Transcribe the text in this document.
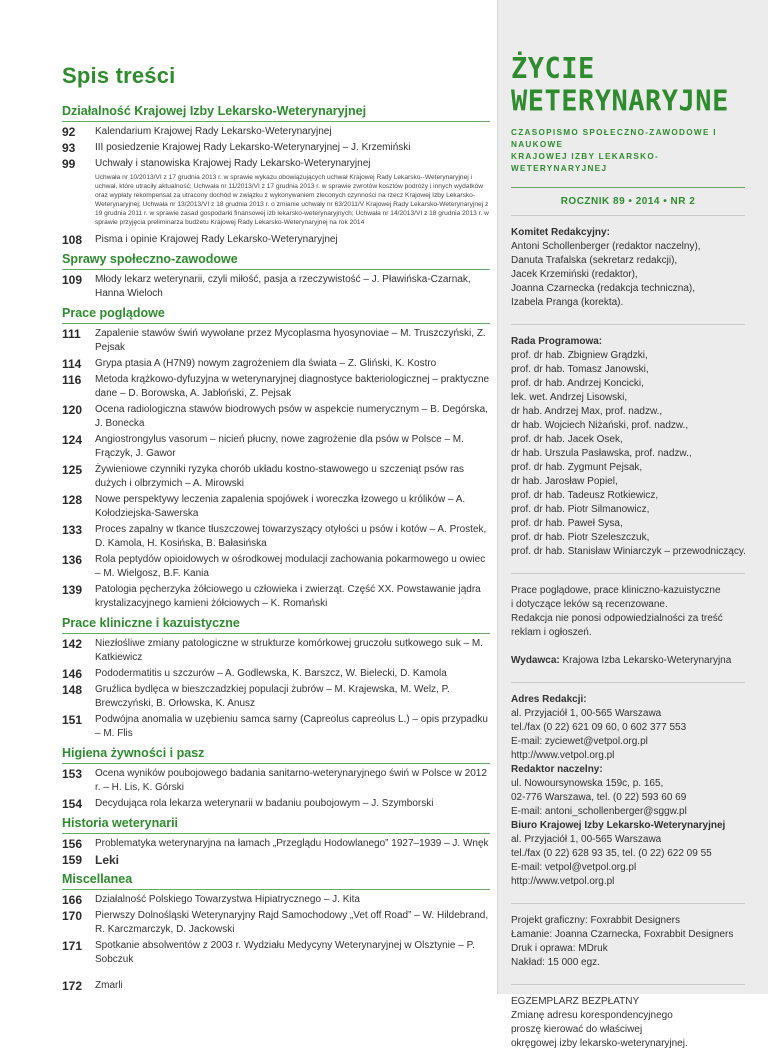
Spis treści
Działalność Krajowej Izby Lekarsko-Weterynaryjnej
92	Kalendarium Krajowej Rady Lekarsko-Weterynaryjnej
93	III posiedzenie Krajowej Rady Lekarsko-Weterynaryjnej – J. Krzemiński
99	Uchwały i stanowiska Krajowej Rady Lekarsko-Weterynaryjnej
Uchwała nr 10/2013/VI z 17 grudnia 2013 r. w sprawie wykazu obowiązujących uchwał Krajowej Rady Lekarsko--Weterynaryjnej i uchwał, które utraciły aktualność; Uchwała nr 11/2013/VI z 17 grudnia 2013 r. w sprawie zwrotów kosztów podróży i innych wydatków oraz wypłaty rekompensat za utracony dochód w związku z wykonywaniem zleconych czynności na rzecz Krajowej Izby Lekarsko-Weterynaryjnej; Uchwała nr 13/2013/VI z 18 grudnia 2013 r. o zmianie uchwały nr 63/2011/V Krajowej Rady Lekarsko-Weterynaryjnej z 19 grudnia 2011 r. w sprawie zasad gospodarki finansowej izb lekarsko-weterynaryjnych; Uchwała nr 14/2013/VI z 18 grudnia 2013 r. w sprawie przyjęcia preliminarza budżetu Krajowej Rady Lekarsko-Weterynaryjnej na rok 2014
108	Pisma i opinie Krajowej Rady Lekarsko-Weterynaryjnej
Sprawy społeczno-zawodowe
109	Młody lekarz weterynarii, czyli miłość, pasja a rzeczywistość – J. Pławińska-Czarnak, Hanna Wieloch
Prace poglądowe
111	Zapalenie stawów świń wywołane przez Mycoplasma hyosynoviae – M. Truszczyński, Z. Pejsak
114	Grypa ptasia A (H7N9) nowym zagrożeniem dla świata – Z. Gliński, K. Kostro
116	Metoda krążkowo-dyfuzyjna w weterynaryjnej diagnostyce bakteriologicznej – praktyczne dane – D. Borowska, A. Jabłoński, Z. Pejsak
120	Ocena radiologiczna stawów biodrowych psów w aspekcie numerycznym – B. Degórska, J. Bonecka
124	Angiostrongylus vasorum – nicień płucny, nowe zagrożenie dla psów w Polsce – M. Frączyk, J. Gawor
125	Żywieniowe czynniki ryzyka chorób układu kostno-stawowego u szczeniąt psów ras dużych i olbrzymich – A. Mirowski
128	Nowe perspektywy leczenia zapalenia spojówek i woreczka łzowego u królików – A. Kołodziejska-Sawerska
133	Proces zapalny w tkance tłuszczowej towarzyszący otyłości u psów i kotów – A. Prostek, D. Kamola, H. Kosińska, B. Bałasińska
136	Rola peptydów opioidowych w ośrodkowej modulacji zachowania pokarmowego u owiec – M. Wielgosz, B.F. Kania
139	Patologia pęcherzyka żółciowego u człowieka i zwierząt. Część XX. Powstawanie jądra krystalizacyjnego kamieni żółciowych – K. Romański
Prace kliniczne i kazuistyczne
142	Niezłośliwe zmiany patologiczne w strukturze komórkowej gruczołu sutkowego suk – M. Katkiewicz
146	Pododermatitis u szczurów – A. Godlewska, K. Barszcz, W. Bielecki, D. Kamola
148	Gruźlica bydlęca w bieszczadzkiej populacji żubrów – M. Krajewska, M. Welz, P. Brewczyński, B. Orłowska, K. Anusz
151	Podwójna anomalia w uzębieniu samca sarny (Capreolus capreolus L.) – opis przypadku – M. Flis
Higiena żywności i pasz
153	Ocena wyników poubojowego badania sanitarno-weterynaryjnego świń w Polsce w 2012 r. – H. Lis, K. Górski
154	Decydująca rola lekarza weterynarii w badaniu poubojowym – J. Szymborski
Historia weterynarii
156	Problematyka weterynaryjna na łamach „Przeglądu Hodowlanego” 1927–1939 – J. Wnęk
159	Leki
Miscellanea
166	Działalność Polskiego Towarzystwa Hipiatrycznego – J. Kita
170	Pierwszy Dolnośląski Weterynaryjny Rajd Samochodowy „Vet off Road” – W. Hildebrand, R. Karczmarczyk, D. Jackowski
171	Spotkanie absolwentów z 2003 r. Wydziału Medycyny Weterynaryjnej w Olsztynie – P. Sobczuk
172	Zmarli
ŻYCIE WETERYNARYJNE
CZASOPISMO SPOŁECZNO-ZAWODOWE I NAUKOWE
KRAJOWEJ IZBY LEKARSKO-WETERYNARYJNEJ
ROCZNIK 89 • 2014 • NR 2
Komitet Redakcyjny:
Antoni Schollenberger (redaktor naczelny),
Danuta Trafalska (sekretarz redakcji),
Jacek Krzemiński (redaktor),
Joanna Czarnecka (redakcja techniczna),
Izabela Pranga (korekta).
Rada Programowa:
prof. dr hab. Zbigniew Grądzki,
prof. dr hab. Tomasz Janowski,
prof. dr hab. Andrzej Koncicki,
lek. wet. Andrzej Lisowski,
dr hab. Andrzej Max, prof. nadzw.,
dr hab. Wojciech Niżański, prof. nadzw.,
prof. dr hab. Jacek Osek,
dr hab. Urszula Pasławska, prof. nadzw.,
prof. dr hab. Zygmunt Pejsak,
dr hab. Jarosław Popiel,
prof. dr hab. Tadeusz Rotkiewicz,
prof. dr hab. Piotr Silmanowicz,
prof. dr hab. Paweł Sysa,
prof. dr hab. Piotr Szeleszczuk,
prof. dr hab. Stanisław Winiarczyk – przewodniczący.
Prace poglądowe, prace kliniczno-kazuistyczne
i dotyczące leków są recenzowane.
Redakcja nie ponosi odpowiedzialności za treść
reklam i ogłoszeń.
Wydawca: Krajowa Izba Lekarsko-Weterynaryjna
Adres Redakcji:
al. Przyjaciół 1, 00-565 Warszawa
tel./fax (0 22) 621 09 60, 0 602 377 553
E-mail: zyciewet@vetpol.org.pl
http://www.vetpol.org.pl
Redaktor naczelny:
ul. Nowoursynowska 159c, p. 165,
02-776 Warszawa, tel. (0 22) 593 60 69
E-mail: antoni_schollenberger@sggw.pl
Biuro Krajowej Izby Lekarsko-Weterynaryjnej
al. Przyjaciół 1, 00-565 Warszawa
tel./fax (0 22) 628 93 35, tel. (0 22) 622 09 55
E-mail: vetpol@vetpol.org.pl
http://www.vetpol.org.pl
Projekt graficzny: Foxrabbit Designers
Łamanie: Joanna Czarnecka, Foxrabbit Designers
Druk i oprawa: MDruk
Nakład: 15 000 egz.
EGZEMPLARZ BEZPŁATNY
Zmianę adresu korespondencyjnego
proszę kierować do właściwej
okręgowej izby lekarsko-weterynaryjnej.
